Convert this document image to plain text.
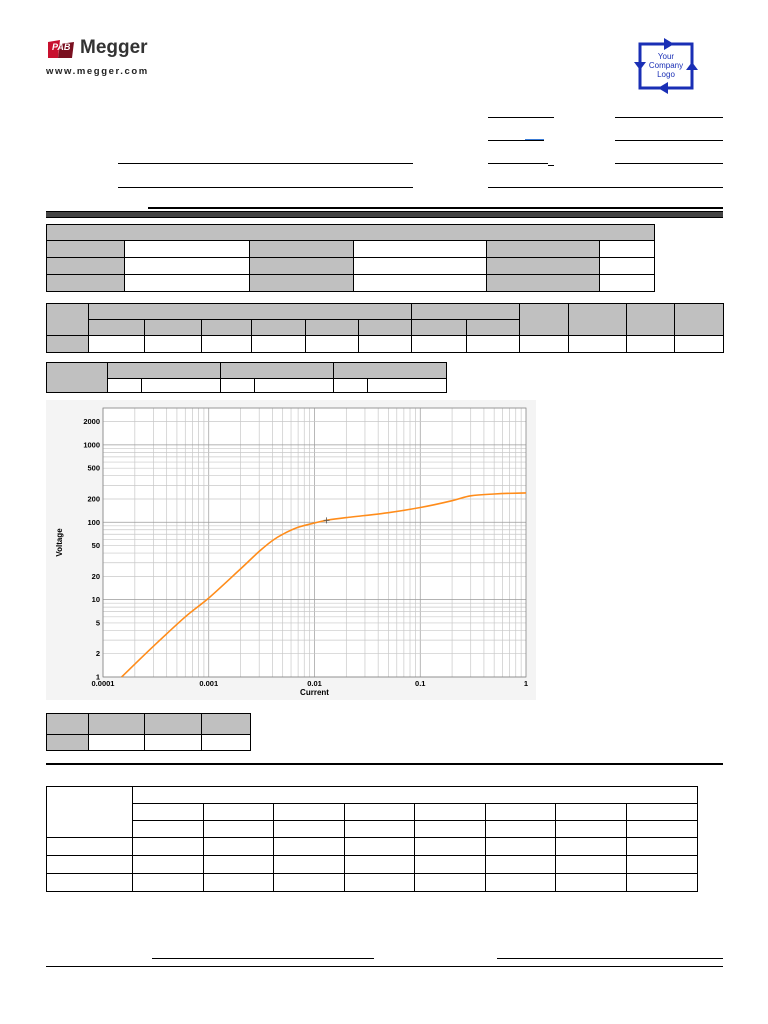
PAB Megger
www.megger.com
Your
Company
Logo

0.0001	0.001	0.01	0.1	1
1
2
5
10
20
50
100
200
500
1000
2000
Current
Voltage
